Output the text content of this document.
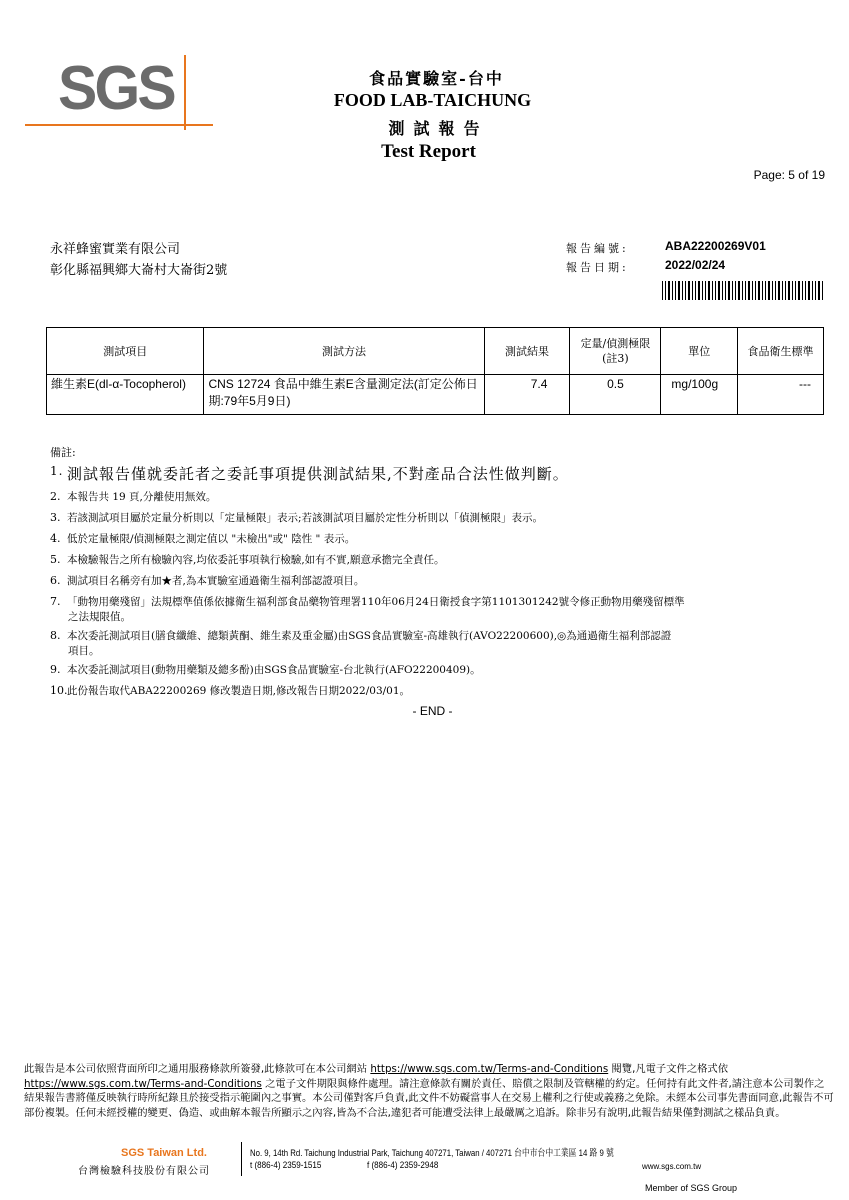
SGS	食品實驗室-台中
FOOD LAB-TAICHUNG
測試報告
Test Report
Page: 5 of 19
永祥蜂蜜實業有限公司
彰化縣福興鄉大崙村大崙街2號
報告編號:	ABA22200269V01
報告日期:	2022/02/24
測試項目	測試方法	測試結果	定量/偵測極限(註3)	單位	食品衛生標準
維生素E(dl-α-Tocopherol)	CNS 12724 食品中維生素E含量測定法(訂定公佈日期:79年5月9日)	7.4	0.5	mg/100g	---
備註:
1. 測試報告僅就委託者之委託事項提供測試結果,不對產品合法性做判斷。
2. 本報告共 19 頁,分離使用無效。
3. 若該測試項目屬於定量分析則以「定量極限」表示;若該測試項目屬於定性分析則以「偵測極限」表示。
4. 低於定量極限/偵測極限之測定值以 "未檢出"或" 陰性 " 表示。
5. 本檢驗報告之所有檢驗內容,均依委託事項執行檢驗,如有不實,願意承擔完全責任。
6. 測試項目名稱旁有加★者,為本實驗室通過衛生福利部認證項目。
7. 「動物用藥殘留」法規標準值係依據衛生福利部食品藥物管理署110年06月24日衛授食字第1101301242號令修正動物用藥殘留標準
之法規限值。
8. 本次委託測試項目(膳食纖維、總類黃酮、維生素及重金屬)由SGS食品實驗室-高雄執行(AVO22200600),◎為通過衛生福利部認證
項目。
9. 本次委託測試項目(動物用藥類及總多酚)由SGS食品實驗室-台北執行(AFO22200409)。
10.此份報告取代ABA22200269 修改製造日期,修改報告日期2022/03/01。
- END -
此報告是本公司依照背面所印之通用服務條款所簽發,此條款可在本公司網站 https://www.sgs.com.tw/Terms-and-Conditions 閱覽,凡電子文件之格式依
https://www.sgs.com.tw/Terms-and-Conditions 之電子文件期限與條件處理。請注意條款有關於責任、賠償之限制及管轄權的約定。任何持有此文件者,請注意本公司製作之結果報告書將僅反映執行時所紀錄且於接受指示範圍內之事實。本公司僅對客戶負責,此文件不妨礙當事人在交易上權利之行使或義務之免除。未經本公司事先書面同意,此報告不可部份複製。任何未經授權的變更、偽造、或曲解本報告所顯示之內容,皆為不合法,違犯者可能遭受法律上最嚴厲之追訴。除非另有說明,此報告結果僅對測試之樣品負責。
SGS Taiwan Ltd.
台灣檢驗科技股份有限公司
No. 9, 14th Rd. Taichung Industrial Park, Taichung 407271, Taiwan / 407271 台中市台中工業區 14 路 9 號
t (886-4) 2359-1515	f (886-4) 2359-2948	www.sgs.com.tw
Member of SGS Group
